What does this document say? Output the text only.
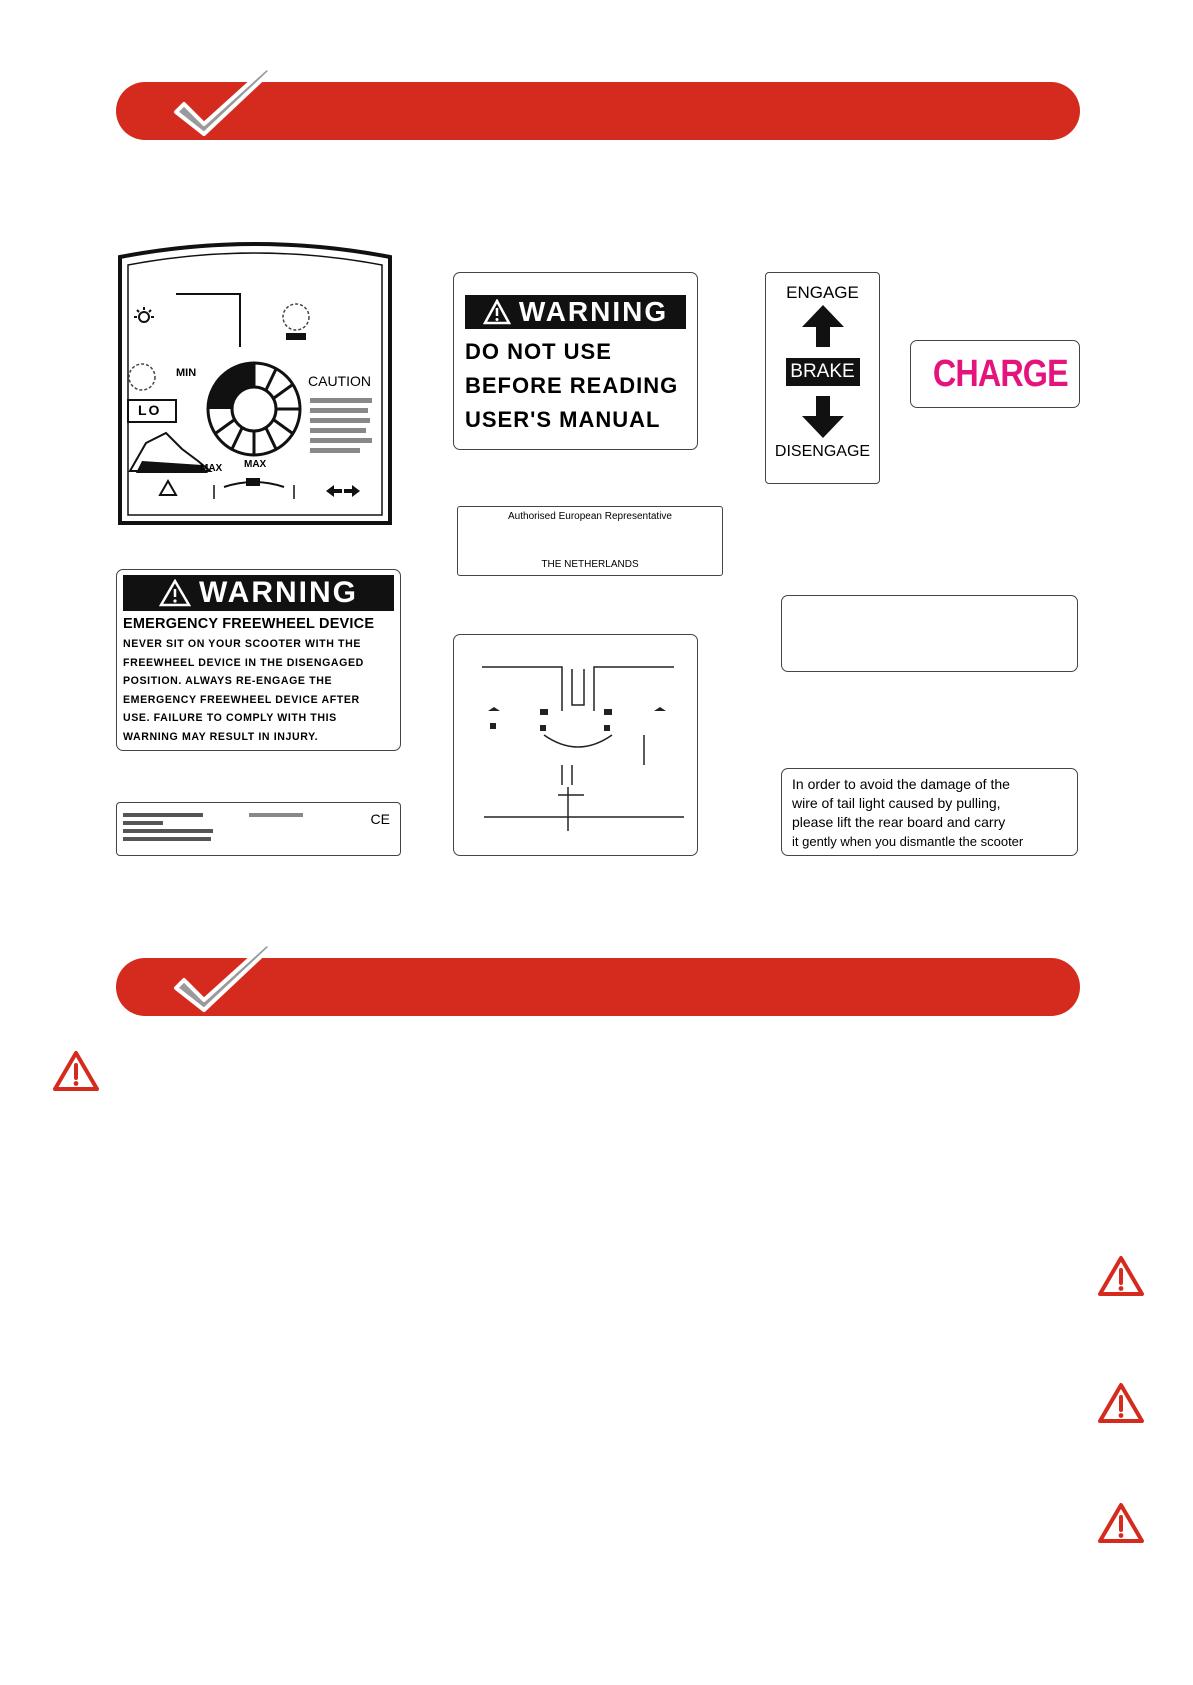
MIN
LO
CAUTION
MAX MAX
WARNING
DO NOT USE
BEFORE READING
USER'S MANUAL
ENGAGE
BRAKE
DISENGAGE
CHARGE
Authorised European Representative
THE NETHERLANDS
WARNING
EMERGENCY FREEWHEEL DEVICE
NEVER SIT ON YOUR SCOOTER WITH THE
FREEWHEEL DEVICE IN THE DISENGAGED
POSITION. ALWAYS RE-ENGAGE THE
EMERGENCY FREEWHEEL DEVICE AFTER
USE. FAILURE TO COMPLY WITH THIS
WARNING MAY RESULT IN INJURY.
CE
In order to avoid the damage of the
wire of tail light caused by pulling,
please lift the rear board and carry
it gently when you dismantle the scooter
